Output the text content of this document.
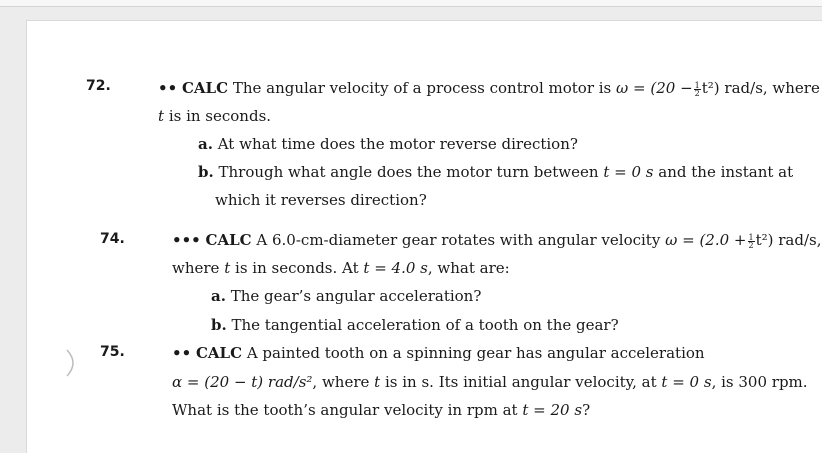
72.	•• CALC The angular velocity of a process control motor is $\omega = (20 - \frac{1}{2} t^2)$ rad/s, where
t is in seconds.
a. At what time does the motor reverse direction?
b. Through what angle does the motor turn between t = 0 s and the instant at
which it reverses direction?
74.	••• CALC A 6.0-cm-diameter gear rotates with angular velocity $\omega = (2.0 + \frac{1}{2} t^2)$ rad/s,
where t is in seconds. At t = 4.0 s, what are:
a. The gear’s angular acceleration?
b. The tangential acceleration of a tooth on the gear?
75.	•• CALC A painted tooth on a spinning gear has angular acceleration
α = (20 − t) rad/s², where t is in s. Its initial angular velocity, at t = 0 s, is 300 rpm.
What is the tooth’s angular velocity in rpm at t = 20 s?
